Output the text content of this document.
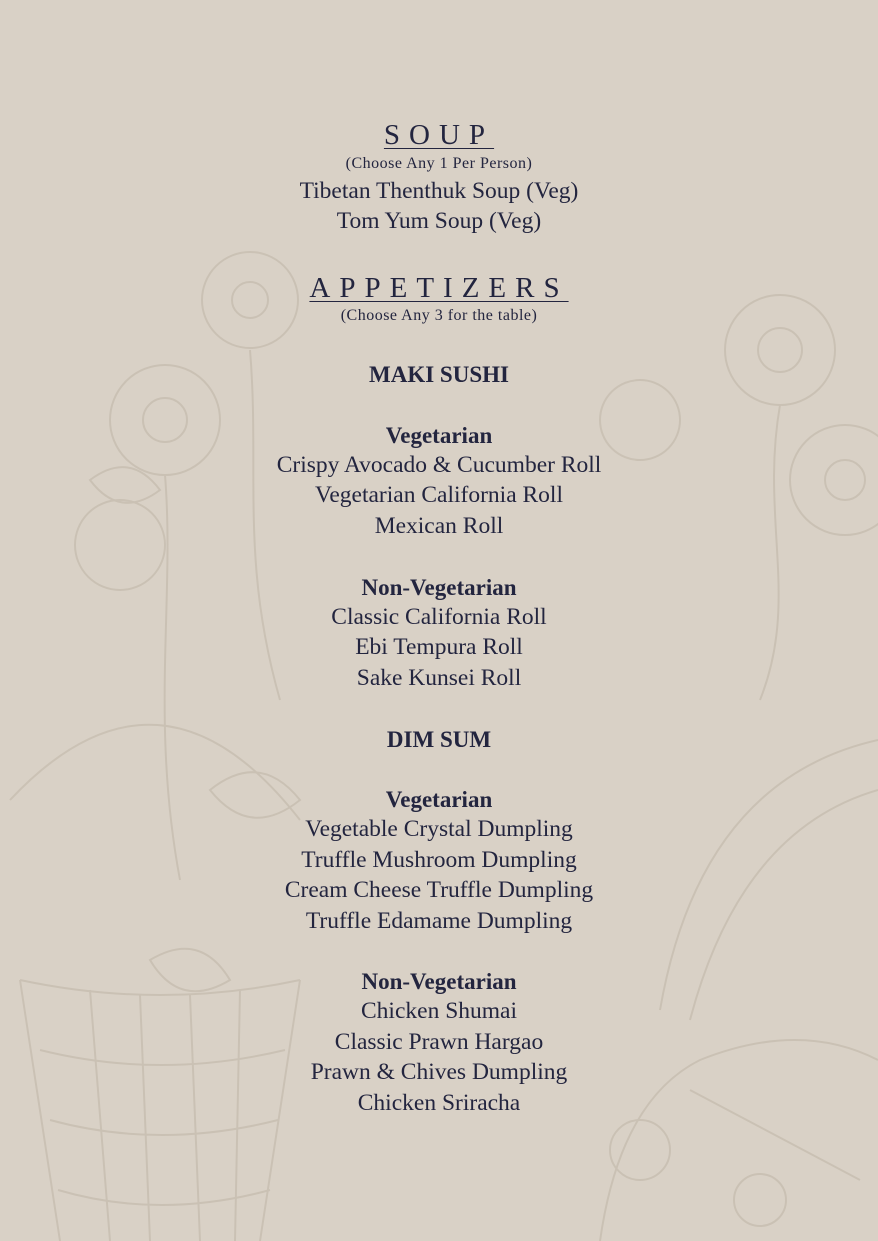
SOUP
(Choose Any 1 Per Person)
Tibetan Thenthuk Soup (Veg)
Tom Yum Soup (Veg)
APPETIZERS
(Choose Any 3 for the table)
MAKI SUSHI
Vegetarian
Crispy Avocado & Cucumber Roll
Vegetarian California Roll
Mexican Roll
Non-Vegetarian
Classic California Roll
Ebi Tempura Roll
Sake Kunsei Roll
DIM SUM
Vegetarian
Vegetable Crystal Dumpling
Truffle Mushroom Dumpling
Cream Cheese Truffle Dumpling
Truffle Edamame Dumpling
Non-Vegetarian
Chicken Shumai
Classic Prawn Hargao
Prawn & Chives Dumpling
Chicken Sriracha
